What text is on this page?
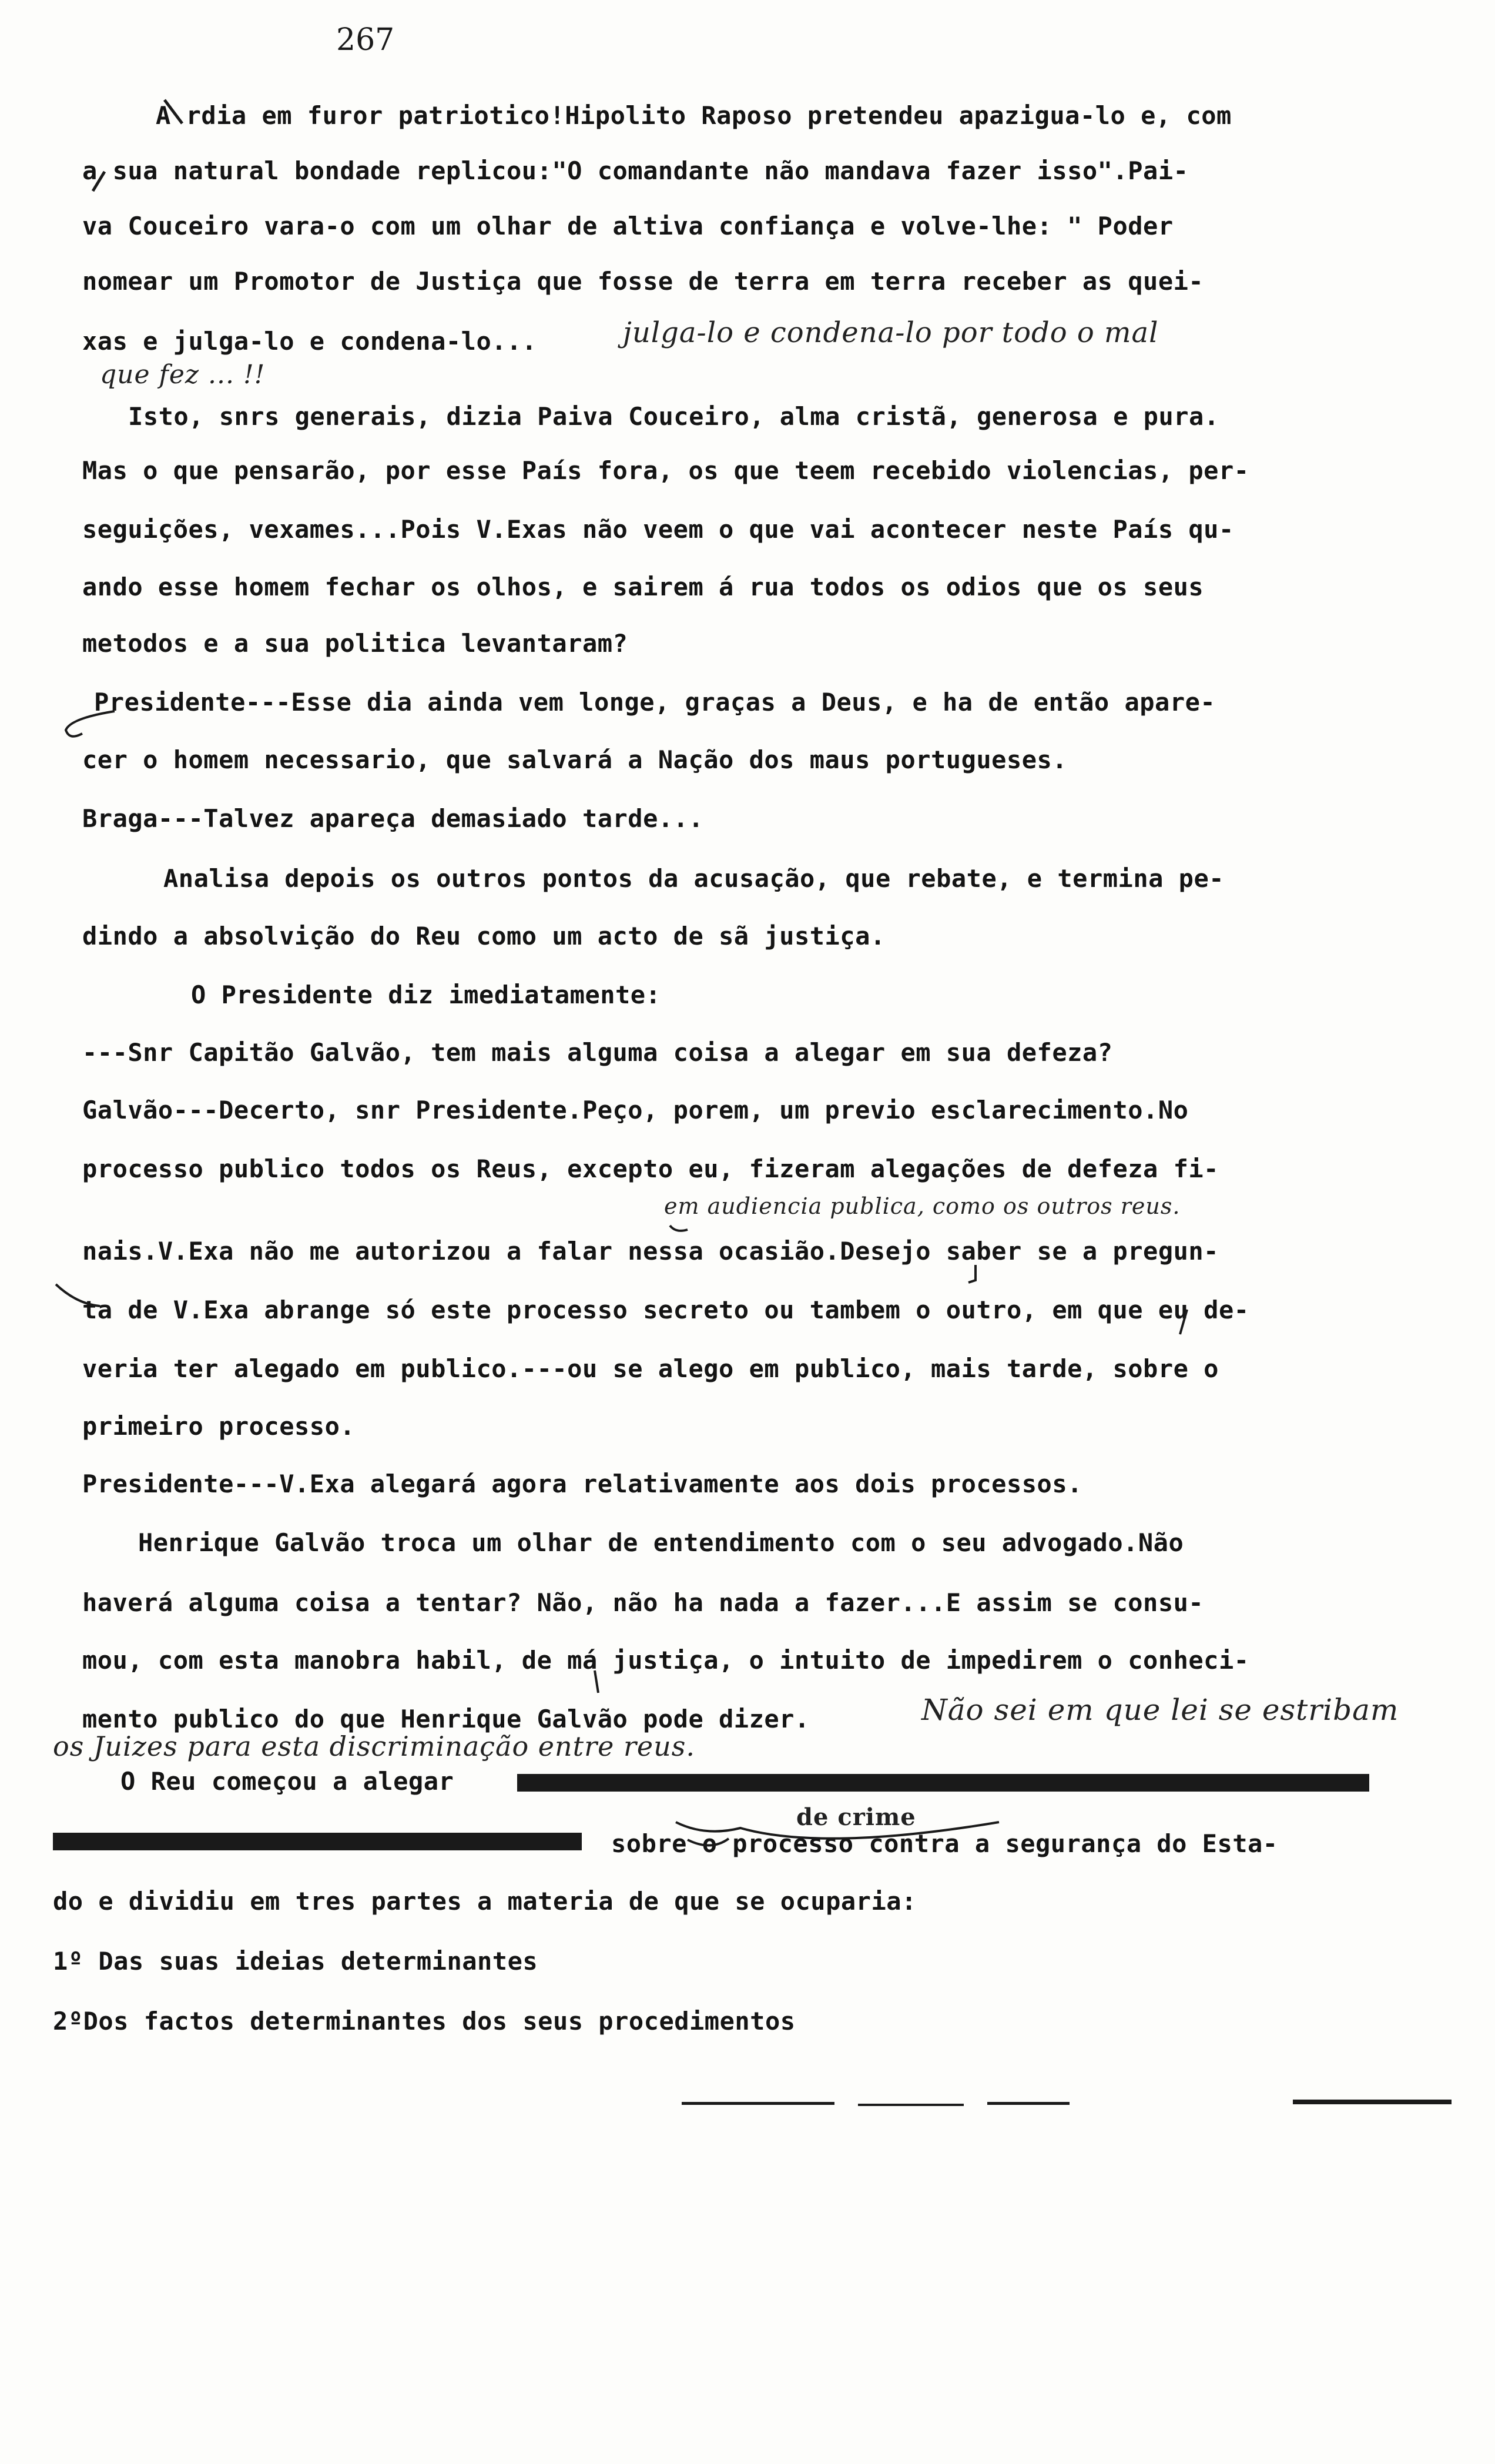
267
A rdia em furor patriotico!Hipolito Raposo pretendeu apazigua-lo e, com
a sua natural bondade replicou:"O comandante não mandava fazer isso".Pai-
va Couceiro vara-o com um olhar de altiva confiança e volve-lhe: " Poder
nomear um Promotor de Justiça que fosse de terra em terra receber as quei-
xas e julga-lo e condena-lo...	julga-lo e condena-lo por todo o mal
que fez ... !!
Isto, snrs generais, dizia Paiva Couceiro, alma cristã, generosa e pura.
Mas o que pensarão, por esse País fora, os que teem recebido violencias, per-
seguições, vexames...Pois V.Exas não veem o que vai acontecer neste País qu-
ando esse homem fechar os olhos, e sairem á rua todos os odios que os seus
metodos e a sua politica levantaram?
Presidente---Esse dia ainda vem longe, graças a Deus, e ha de então apare-
cer o homem necessario, que salvará a Nação dos maus portugueses.
Braga---Talvez apareça demasiado tarde...
Analisa depois os outros pontos da acusação, que rebate, e termina pe-
dindo a absolvição do Reu como um acto de sã justiça.
O Presidente diz imediatamente:
---Snr Capitão Galvão, tem mais alguma coisa a alegar em sua defeza?
Galvão---Decerto, snr Presidente.Peço, porem, um previo esclarecimento.No
processo publico todos os Reus, excepto eu, fizeram alegações de defeza fi-
em audiencia publica, como os outros reus.
nais.V.Exa não me autorizou a falar nessa ocasião.Desejo saber se a pregun-
ta de V.Exa abrange só este processo secreto ou tambem o outro, em que eu de-
veria ter alegado em publico.---ou se alego em publico, mais tarde, sobre o
primeiro processo.
Presidente---V.Exa alegará agora relativamente aos dois processos.
Henrique Galvão troca um olhar de entendimento com o seu advogado.Não
haverá alguma coisa a tentar? Não, não ha nada a fazer...E assim se consu-
mou, com esta manobra habil, de má justiça, o intuito de impedirem o conheci-
mento publico do que Henrique Galvão pode dizer.	Não sei em que lei se estribam
os Juizes para esta discriminação entre reus.
O Reu começou a alegar
de crime
sobre o processo contra a segurança do Esta-
do e dividiu em tres partes a materia de que se ocuparia:
1º Das suas ideias determinantes
2ºDos factos determinantes dos seus procedimentos
